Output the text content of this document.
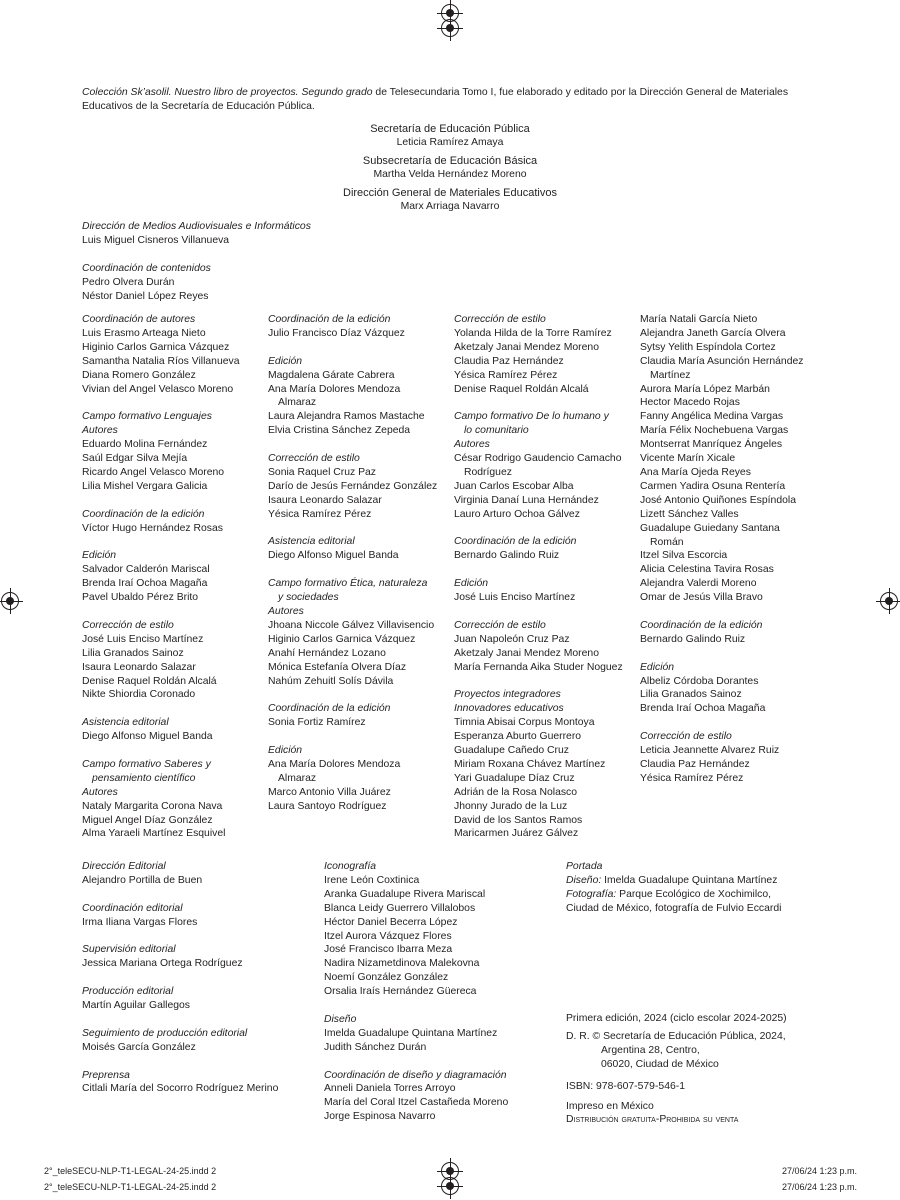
Colección Sk’asolil. Nuestro libro de proyectos. Segundo grado de Telesecundaria Tomo I, fue elaborado y editado por la Dirección General de Materiales Educativos de la Secretaría de Educación Pública.
Secretaría de Educación Pública
Leticia Ramírez Amaya
Subsecretaría de Educación Básica
Martha Velda Hernández Moreno
Dirección General de Materiales Educativos
Marx Arriaga Navarro
Dirección de Medios Audiovisuales e Informáticos
Luis Miguel Cisneros Villanueva
Coordinación de contenidos
Pedro Olvera Durán
Néstor Daniel López Reyes
Coordinación de autores
Luis Erasmo Arteaga Nieto
Higinio Carlos Garnica Vázquez
Samantha Natalia Ríos Villanueva
Diana Romero González
Vivian del Angel Velasco Moreno
Campo formativo Lenguajes
Autores
Eduardo Molina Fernández
Saúl Edgar Silva Mejía
Ricardo Angel Velasco Moreno
Lilia Mishel Vergara Galicia
Coordinación de la edición
Víctor Hugo Hernández Rosas
Edición
Salvador Calderón Mariscal
Brenda Iraí Ochoa Magaña
Pavel Ubaldo Pérez Brito
Corrección de estilo
José Luis Enciso Martínez
Lilia Granados Sainoz
Isaura Leonardo Salazar
Denise Raquel Roldán Alcalá
Nikte Shiordia Coronado
Asistencia editorial
Diego Alfonso Miguel Banda
Campo formativo Saberes y
pensamiento científico
Autores
Nataly Margarita Corona Nava
Miguel Angel Díaz González
Alma Yaraeli Martínez Esquivel
Coordinación de la edición
Julio Francisco Díaz Vázquez
Edición
Magdalena Gárate Cabrera
Ana María Dolores Mendoza
Almaraz
Laura Alejandra Ramos Mastache
Elvia Cristina Sánchez Zepeda
Corrección de estilo
Sonia Raquel Cruz Paz
Darío de Jesús Fernández González
Isaura Leonardo Salazar
Yésica Ramírez Pérez
Asistencia editorial
Diego Alfonso Miguel Banda
Campo formativo Ética, naturaleza
y sociedades
Autores
Jhoana Niccole Gálvez Villavisencio
Higinio Carlos Garnica Vázquez
Anahí Hernández Lozano
Mónica Estefanía Olvera Díaz
Nahúm Zehuitl Solís Dávila
Coordinación de la edición
Sonia Fortiz Ramírez
Edición
Ana María Dolores Mendoza
Almaraz
Marco Antonio Villa Juárez
Laura Santoyo Rodríguez
Corrección de estilo
Yolanda Hilda de la Torre Ramírez
Aketzaly Janai Mendez Moreno
Claudia Paz Hernández
Yésica Ramírez Pérez
Denise Raquel Roldán Alcalá
Campo formativo De lo humano y
lo comunitario
Autores
César Rodrigo Gaudencio Camacho
Rodríguez
Juan Carlos Escobar Alba
Virginia Danaí Luna Hernández
Lauro Arturo Ochoa Gálvez
Coordinación de la edición
Bernardo Galindo Ruiz
Edición
José Luis Enciso Martínez
Corrección de estilo
Juan Napoleón Cruz Paz
Aketzaly Janai Mendez Moreno
María Fernanda Aika Studer Noguez
Proyectos integradores
Innovadores educativos
Timnia Abisai Corpus Montoya
Esperanza Aburto Guerrero
Guadalupe Cañedo Cruz
Miriam Roxana Chávez Martínez
Yari Guadalupe Díaz Cruz
Adrián de la Rosa Nolasco
Jhonny Jurado de la Luz
David de los Santos Ramos
Maricarmen Juárez Gálvez
María Natali García Nieto
Alejandra Janeth García Olvera
Sytsy Yelith Espíndola Cortez
Claudia María Asunción Hernández
Martínez
Aurora María López Marbán
Hector Macedo Rojas
Fanny Angélica Medina Vargas
María Félix Nochebuena Vargas
Montserrat Manríquez Ángeles
Vicente Marín Xicale
Ana María Ojeda Reyes
Carmen Yadira Osuna Rentería
José Antonio Quiñones Espíndola
Lizett Sánchez Valles
Guadalupe Guiedany Santana
Román
Itzel Silva Escorcia
Alicia Celestina Tavira Rosas
Alejandra Valerdi Moreno
Omar de Jesús Villa Bravo
Coordinación de la edición
Bernardo Galindo Ruiz
Edición
Albeliz Córdoba Dorantes
Lilia Granados Sainoz
Brenda Iraí Ochoa Magaña
Corrección de estilo
Leticia Jeannette Alvarez Ruiz
Claudia Paz Hernández
Yésica Ramírez Pérez
Dirección Editorial
Alejandro Portilla de Buen
Coordinación editorial
Irma Iliana Vargas Flores
Supervisión editorial
Jessica Mariana Ortega Rodríguez
Producción editorial
Martín Aguilar Gallegos
Seguimiento de producción editorial
Moisés García González
Preprensa
Citlali María del Socorro Rodríguez Merino
Iconografía
Irene León Coxtinica
Aranka Guadalupe Rivera Mariscal
Blanca Leidy Guerrero Villalobos
Héctor Daniel Becerra López
Itzel Aurora Vázquez Flores
José Francisco Ibarra Meza
Nadira Nizametdinova Malekovna
Noemí González González
Orsalia Iraís Hernández Güereca
Diseño
Imelda Guadalupe Quintana Martínez
Judith Sánchez Durán
Coordinación de diseño y diagramación
Anneli Daniela Torres Arroyo
María del Coral Itzel Castañeda Moreno
Jorge Espinosa Navarro
Portada
Diseño: Imelda Guadalupe Quintana Martínez
Fotografía: Parque Ecológico de Xochimilco,
Ciudad de México, fotografía de Fulvio Eccardi
Primera edición, 2024 (ciclo escolar 2024-2025)
D. R. © Secretaría de Educación Pública, 2024,
Argentina 28, Centro,
06020, Ciudad de México
ISBN: 978-607-579-546-1
Impreso en México
Distribución gratuita-Prohibida su venta
2°_teleSECU-NLP-T1-LEGAL-24-25.indd 2
2°_teleSECU-NLP-T1-LEGAL-24-25.indd 2
27/06/24 1:23 p.m.
27/06/24 1:23 p.m.
